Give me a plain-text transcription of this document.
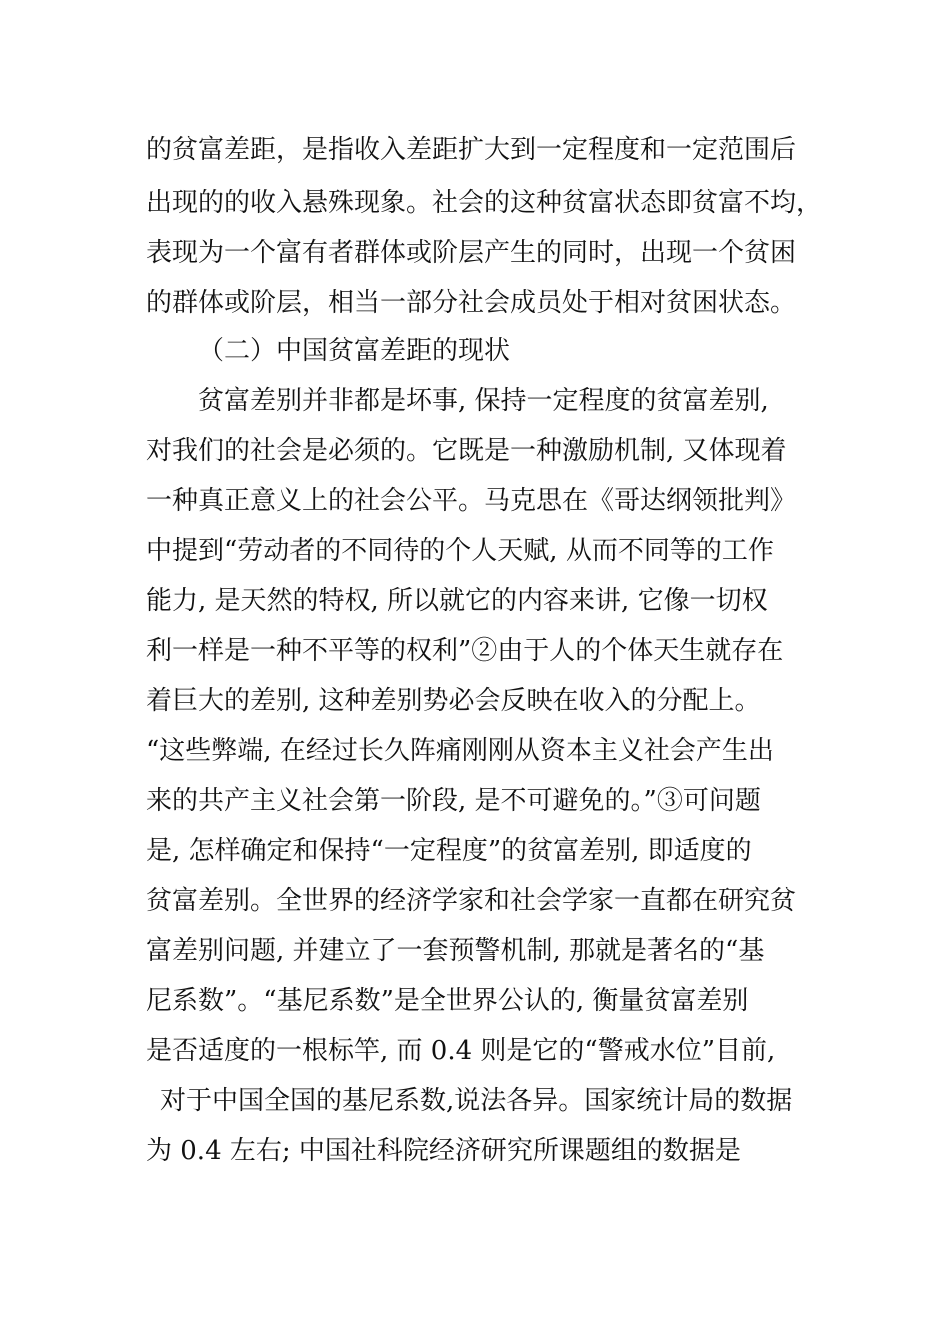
的贫富差距，是指收入差距扩大到一定程度和一定范围后
出现的的收入悬殊现象。社会的这种贫富状态即贫富不均，
表现为一个富有者群体或阶层产生的同时，出现一个贫困
的群体或阶层，相当一部分社会成员处于相对贫困状态。
（二）中国贫富差距的现状
贫富差别并非都是坏事, 保持一定程度的贫富差别,
对我们的社会是必须的。它既是一种激励机制, 又体现着
一种真正意义上的社会公平。马克思在《哥达纲领批判》
中提到“劳动者的不同待的个人天赋, 从而不同等的工作
能力, 是天然的特权, 所以就它的内容来讲, 它像一切权
利一样是一种不平等的权利”②由于人的个体天生就存在
着巨大的差别, 这种差别势必会反映在收入的分配上。
“这些弊端, 在经过长久阵痛刚刚从资本主义社会产生出
来的共产主义社会第一阶段, 是不可避免的。”③可问题
是, 怎样确定和保持“一定程度”的贫富差别, 即适度的
贫富差别。全世界的经济学家和社会学家一直都在研究贫
富差别问题, 并建立了一套预警机制, 那就是著名的“基
尼系数”。“基尼系数”是全世界公认的, 衡量贫富差别
是否适度的一根标竿, 而 0.4 则是它的“警戒水位”目前,
对于中国全国的基尼系数,说法各异。国家统计局的数据
为 0.4 左右; 中国社科院经济研究所课题组的数据是
